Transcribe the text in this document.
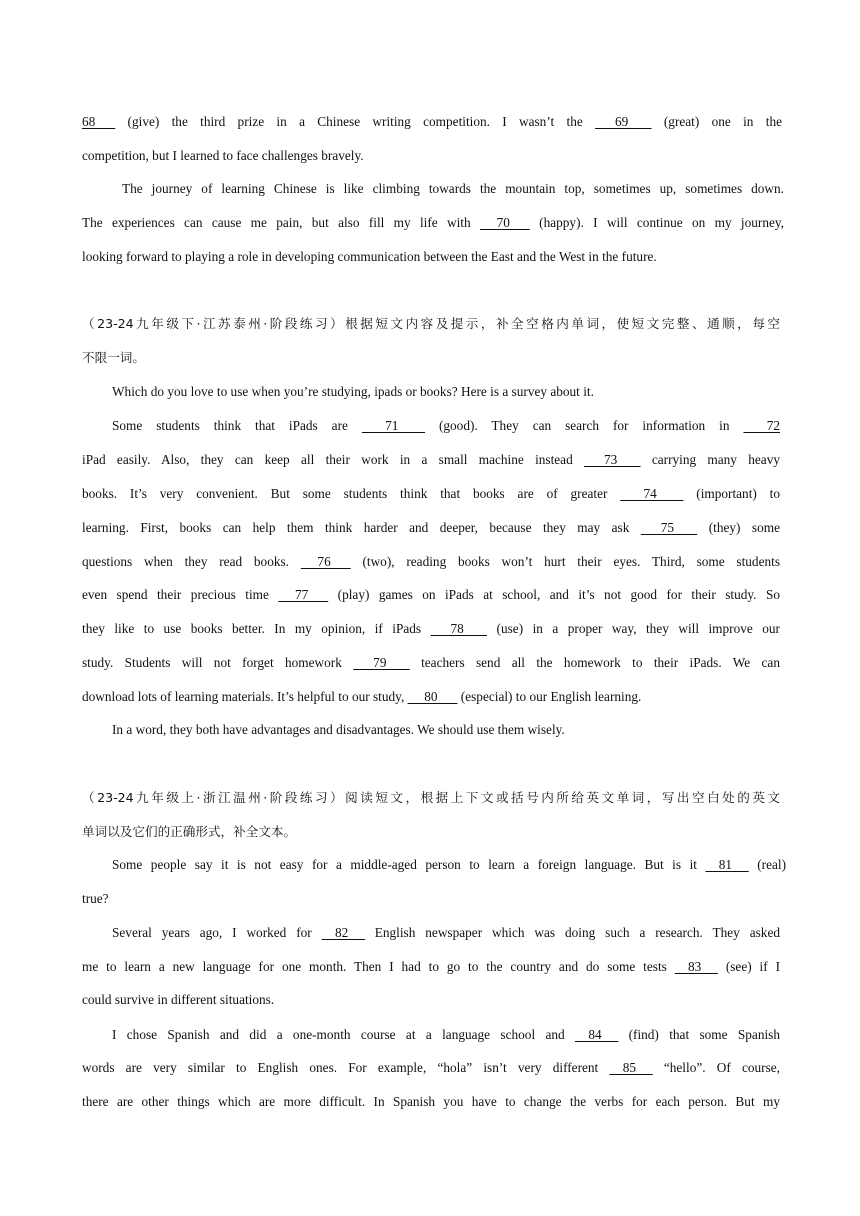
68       (give) the third prize in a Chinese writing competition. I wasn’t the       69        (great) one in the
competition, but I learned to face challenges bravely.
The journey of learning Chinese is like climbing towards the mountain top, sometimes up, sometimes down.
The experiences can cause me pain, but also fill my life with      70       (happy). I will continue on my journey,
looking forward to playing a role in developing communication between the East and the West in the future.
（23-24九年级下·江苏泰州·阶段练习）根据短文内容及提示，补全空格内单词，使短文完整、通顺，每空
不限一词。
Which do you love to use when you’re studying, ipads or books? Here is a survey about it.
Some students think that iPads are        71         (good). They can search for information in        72
iPad easily. Also, they can keep all their work in a small machine instead       73        carrying many heavy
books. It’s very convenient. But some students think that books are of greater        74         (important) to
learning. First, books can help them think harder and deeper, because they may ask       75        (they) some
questions when they read books.      76       (two), reading books won’t hurt their eyes. Third, some students
even spend their precious time      77       (play) games on iPads at school, and it’s not good for their study. So
they like to use books better. In my opinion, if iPads       78        (use) in a proper way, they will improve our
study. Students will not forget homework       79        teachers send all the homework to their iPads. We can
download lots of learning materials. It’s helpful to our study,      80       (especial) to our English learning.
In a word, they both have advantages and disadvantages. We should use them wisely.
（23-24九年级上·浙江温州·阶段练习）阅读短文，根据上下文或括号内所给英文单词，写出空白处的英文
单词以及它们的正确形式，补全文本。
Some people say it is not easy for a middle-aged person to learn a foreign language. But is it     81      (real)
true?
Several years ago, I worked for     82      English newspaper which was doing such a research. They asked
me to learn a new language for one month. Then I had to go to the country and do some tests     83      (see) if I
could survive in different situations.
I chose Spanish and did a one-month course at a language school and     84      (find) that some Spanish
words are very similar to English ones. For example, “hola” isn’t very different     85      “hello”. Of course,
there are other things which are more difficult. In Spanish you have to change the verbs for each person. But my
